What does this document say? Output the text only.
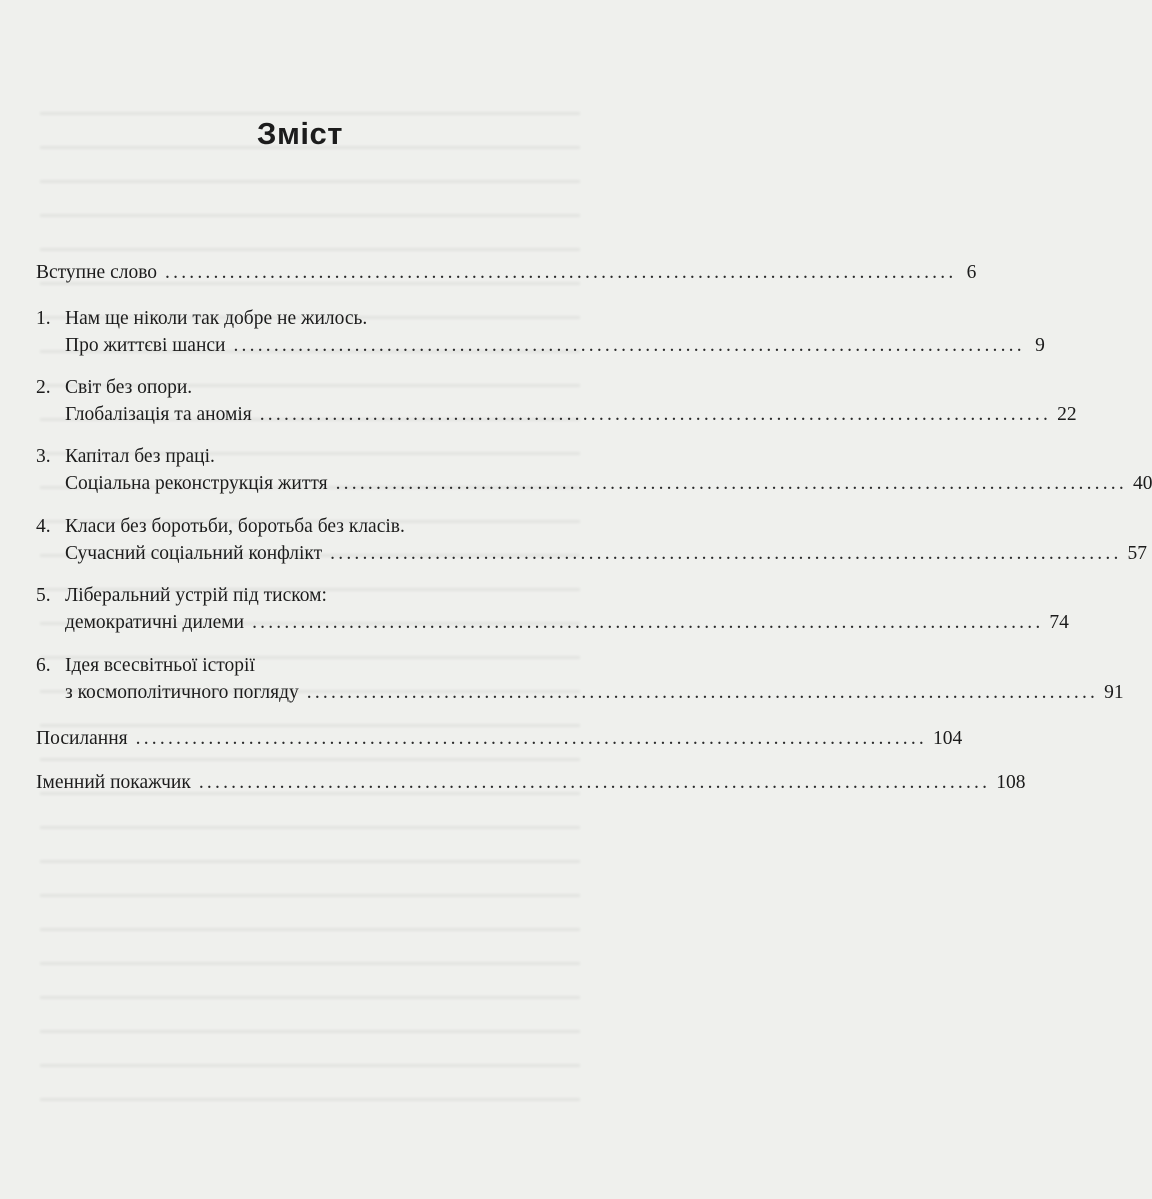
Зміст
Вступне слово .................................................................................................. 6
1. Нам ще ніколи так добре не жилось.
Про життєві шанси .................................................................................................. 9
2. Світ без опори.
Глобалізація та аномія .................................................................................................. 22
3. Капітал без праці.
Соціальна реконструкція життя .................................................................................................. 40
4. Класи без боротьби, боротьба без класів.
Сучасний соціальний конфлікт .................................................................................................. 57
5. Ліберальний устрій під тиском:
демократичні дилеми .................................................................................................. 74
6. Ідея всесвітньої історії
з космополітичного погляду .................................................................................................. 91
Посилання .................................................................................................. 104
Іменний покажчик .................................................................................................. 108
